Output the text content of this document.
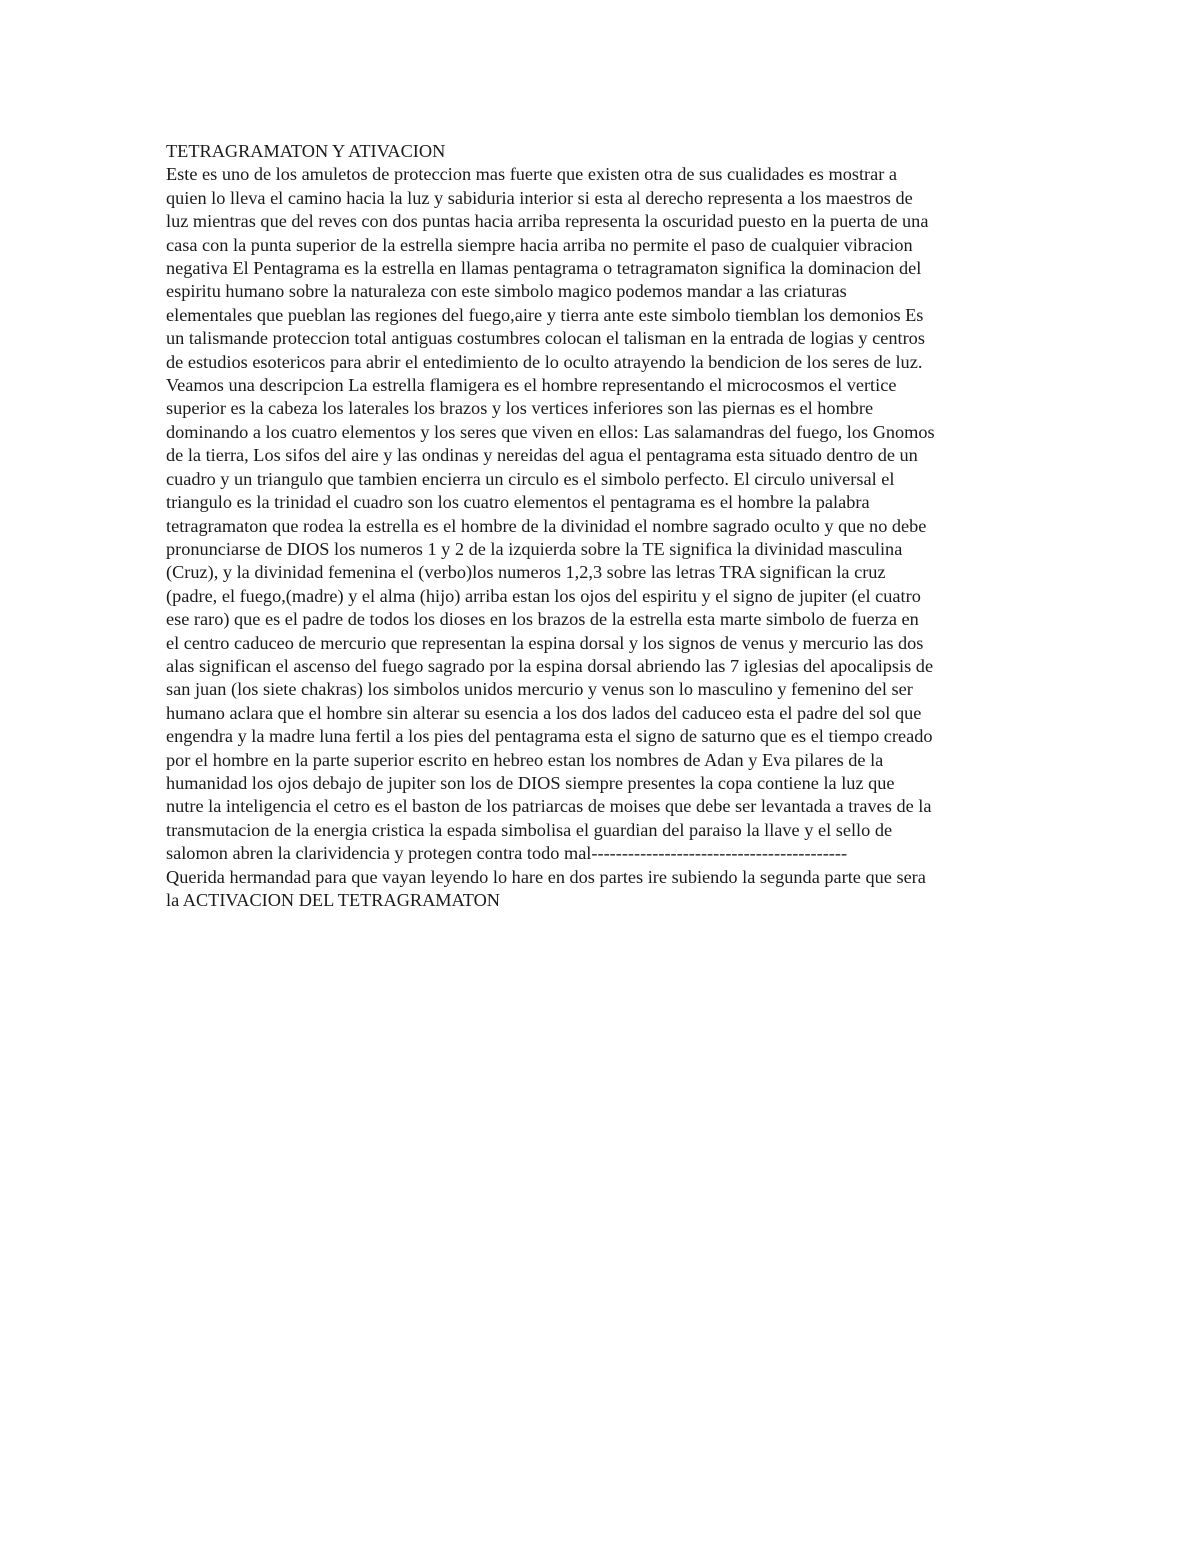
TETRAGRAMATON Y ATIVACION
Este es uno de los amuletos de proteccion mas fuerte que existen otra de sus cualidades es mostrar a
quien lo lleva el camino hacia la luz y sabiduria interior si esta al derecho representa a los maestros de
luz mientras que del reves con dos puntas hacia arriba representa la oscuridad puesto en la puerta de una
casa con la punta superior de la estrella siempre hacia arriba no permite el paso de cualquier vibracion
negativa El Pentagrama es la estrella en llamas pentagrama o tetragramaton significa la dominacion del
espiritu humano sobre la naturaleza con este simbolo magico podemos mandar a las criaturas
elementales que pueblan las regiones del fuego,aire y tierra ante este simbolo tiemblan los demonios Es
un talismande proteccion total antiguas costumbres colocan el talisman en la entrada de logias y centros
de estudios esotericos para abrir el entedimiento de lo oculto atrayendo la bendicion de los seres de luz.
Veamos una descripcion La estrella flamigera es el hombre representando el microcosmos el vertice
superior es la cabeza los laterales los brazos y los vertices inferiores son las piernas es el hombre
dominando a los cuatro elementos y los seres que viven en ellos: Las salamandras del fuego, los Gnomos
de la tierra, Los sifos del aire y las ondinas y nereidas del agua el pentagrama esta situado dentro de un
cuadro y un triangulo que tambien encierra un circulo es el simbolo perfecto. El circulo universal el
triangulo es la trinidad el cuadro son los cuatro elementos el pentagrama es el hombre la palabra
tetragramaton que rodea la estrella es el hombre de la divinidad el nombre sagrado oculto y que no debe
pronunciarse de DIOS los numeros 1 y 2 de la izquierda sobre la TE significa la divinidad masculina
(Cruz), y la divinidad femenina el (verbo)los numeros 1,2,3 sobre las letras TRA significan la cruz
(padre, el fuego,(madre) y el alma (hijo) arriba estan los ojos del espiritu y el signo de jupiter (el cuatro
ese raro) que es el padre de todos los dioses en los brazos de la estrella esta marte simbolo de fuerza en
el centro caduceo de mercurio que representan la espina dorsal y los signos de venus y mercurio las dos
alas significan el ascenso del fuego sagrado por la espina dorsal abriendo las 7 iglesias del apocalipsis de
san juan (los siete chakras) los simbolos unidos mercurio y venus son lo masculino y femenino del ser
humano aclara que el hombre sin alterar su esencia a los dos lados del caduceo esta el padre del sol que
engendra y la madre luna fertil a los pies del pentagrama esta el signo de saturno que es el tiempo creado
por el hombre en la parte superior escrito en hebreo estan los nombres de Adan y Eva pilares de la
humanidad los ojos debajo de jupiter son los de DIOS siempre presentes la copa contiene la luz que
nutre la inteligencia el cetro es el baston de los patriarcas de moises que debe ser levantada a traves de la
transmutacion de la energia cristica la espada simbolisa el guardian del paraiso la llave y el sello de
salomon abren la clarividencia y protegen contra todo mal------------------------------------------
Querida hermandad para que vayan leyendo lo hare en dos partes ire subiendo la segunda parte que sera
la ACTIVACION DEL TETRAGRAMATON
